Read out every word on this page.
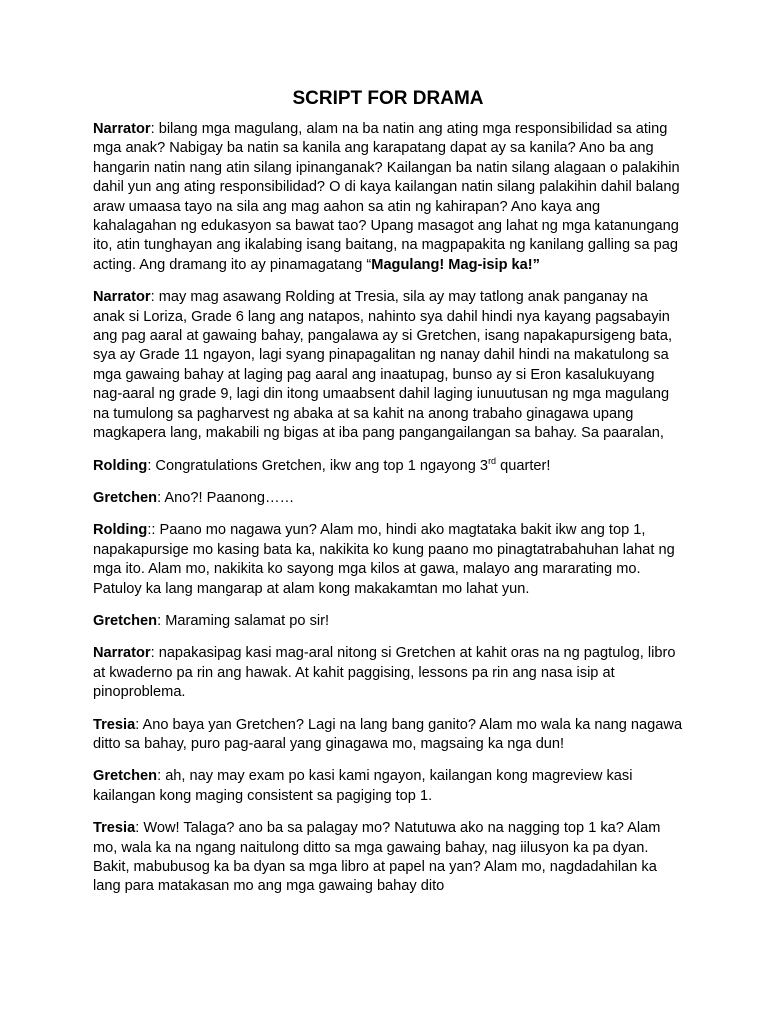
SCRIPT FOR DRAMA

Narrator: bilang mga magulang, alam na ba natin ang ating mga responsibilidad sa ating mga anak? Nabigay ba natin sa kanila ang karapatang dapat ay sa kanila? Ano ba ang hangarin natin nang atin silang ipinanganak? Kailangan ba natin silang alagaan o palakihin dahil yun ang ating responsibilidad? O di kaya kailangan natin silang palakihin dahil balang araw umaasa tayo na sila ang mag aahon sa atin ng kahirapan? Ano kaya ang kahalagahan ng edukasyon sa bawat tao? Upang masagot ang lahat ng mga katanungang ito, atin tunghayan ang ikalabing isang baitang, na magpapakita ng kanilang galling sa pag acting. Ang dramang ito ay pinamagatang “Magulang! Mag-isip ka!”

Narrator: may mag asawang Rolding at Tresia, sila ay may tatlong anak panganay na anak si Loriza, Grade 6 lang ang natapos, nahinto sya dahil hindi nya kayang pagsabayin ang pag aaral at gawaing bahay, pangalawa ay si Gretchen, isang napakapursigeng bata, sya ay Grade 11 ngayon, lagi syang pinapagalitan ng nanay dahil hindi na makatulong sa mga gawaing bahay at laging pag aaral ang inaatupag, bunso ay si Eron kasalukuyang nag-aaral ng grade 9, lagi din itong umaabsent dahil laging iunuutusan ng mga magulang na tumulong sa pagharvest ng abaka at sa kahit na anong trabaho ginagawa upang magkapera lang, makabili ng bigas at iba pang pangangailangan sa bahay. Sa paaralan,

Rolding: Congratulations Gretchen, ikw ang top 1 ngayong 3rd quarter!

Gretchen: Ano?! Paanong……

Rolding:: Paano mo nagawa yun? Alam mo, hindi ako magtataka bakit ikw ang top 1, napakapursige mo kasing bata ka, nakikita ko kung paano mo pinagtatrabahuhan lahat ng mga ito. Alam mo, nakikita ko sayong mga kilos at gawa, malayo ang mararating mo. Patuloy ka lang mangarap at alam kong makakamtan mo lahat yun.

Gretchen: Maraming salamat po sir!

Narrator: napakasipag kasi mag-aral nitong si Gretchen at kahit oras na ng pagtulog, libro at kwaderno pa rin ang hawak. At kahit paggising, lessons pa rin ang nasa isip at pinoproblema.

Tresia: Ano baya yan Gretchen? Lagi na lang bang ganito? Alam mo wala ka nang nagawa ditto sa bahay, puro pag-aaral yang ginagawa mo, magsaing ka nga dun!

Gretchen: ah, nay may exam po kasi kami ngayon, kailangan kong magreview kasi kailangan kong maging consistent sa pagiging top 1.

Tresia: Wow! Talaga? ano ba sa palagay mo? Natutuwa ako na nagging top 1 ka? Alam mo, wala ka na ngang naitulong ditto sa mga gawaing bahay, nag iilusyon ka pa dyan. Bakit, mabubusog ka ba dyan sa mga libro at papel na yan? Alam mo, nagdadahilan ka lang para matakasan mo ang mga gawaing bahay dito
